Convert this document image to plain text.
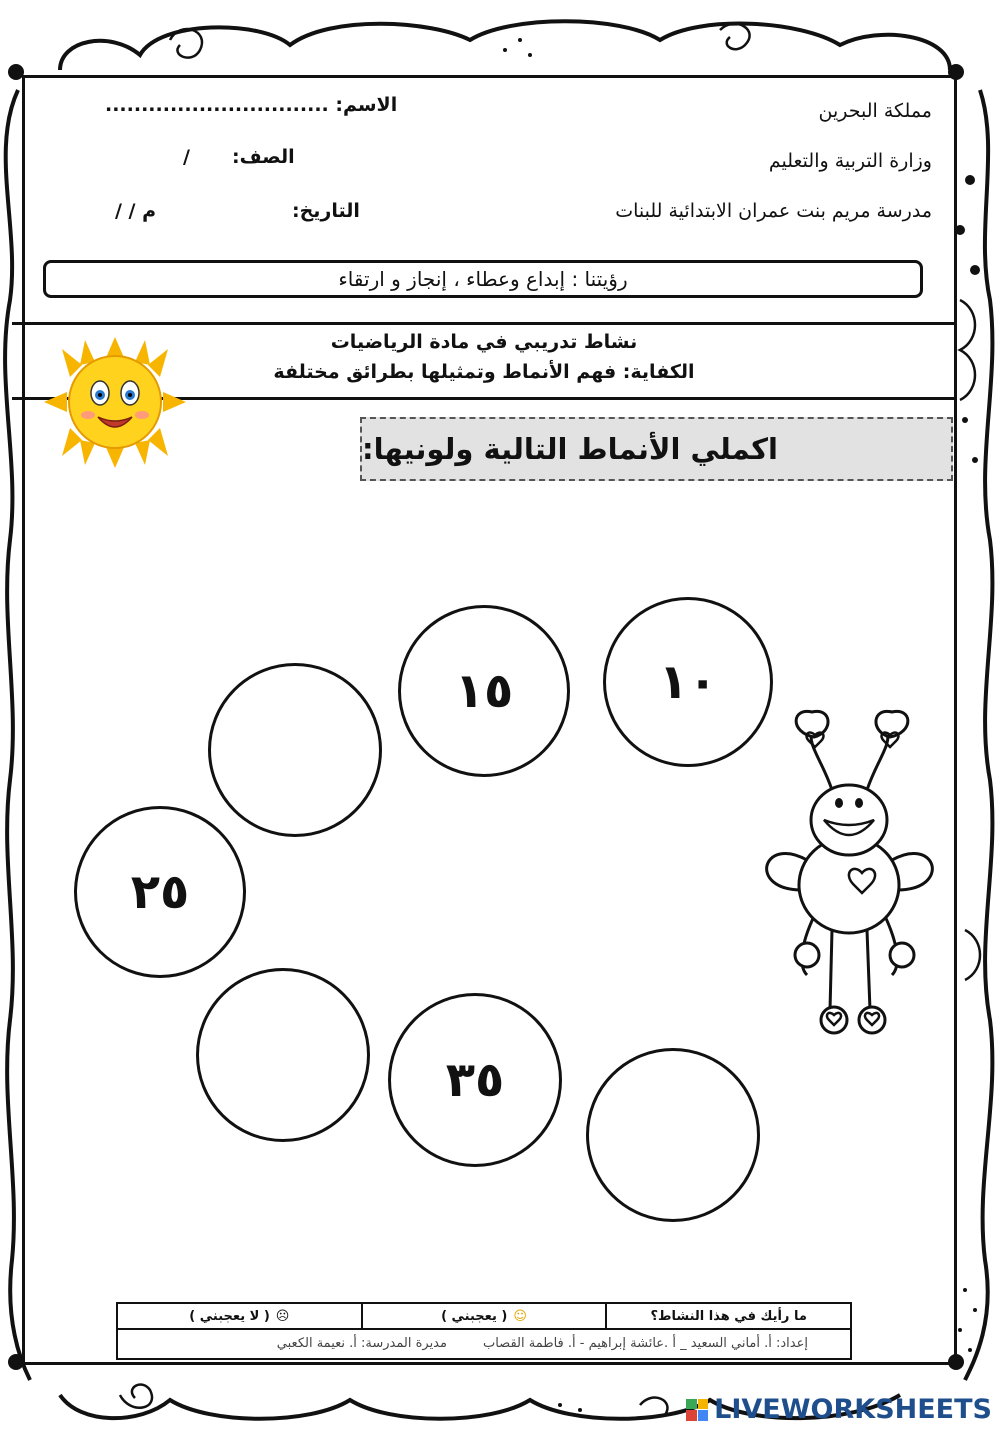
مملكة البحرين
وزارة التربية والتعليم
مدرسة مريم بنت عمران الابتدائية للبنات
الاسم: ...............................
الصف:
/
التاريخ:
م / /
رؤيتنا : إبداع وعطاء ، إنجاز و ارتقاء
نشاط تدريبي في مادة الرياضيات
الكفاية: فهم الأنماط وتمثيلها بطرائق مختلفة
اكملي الأنماط التالية ولونيها:
١٠
١٥
٢٥
٣٥
ما رأيك في هذا النشاط؟
☺
( يعجبني )
☹
( لا يعجبني )
إعداد: أ. أماني السعيد _ أ .عائشة إبراهيم - أ. فاطمة القصاب
مديرة المدرسة: أ. نعيمة الكعبي
LIVEWORKSHEETS
